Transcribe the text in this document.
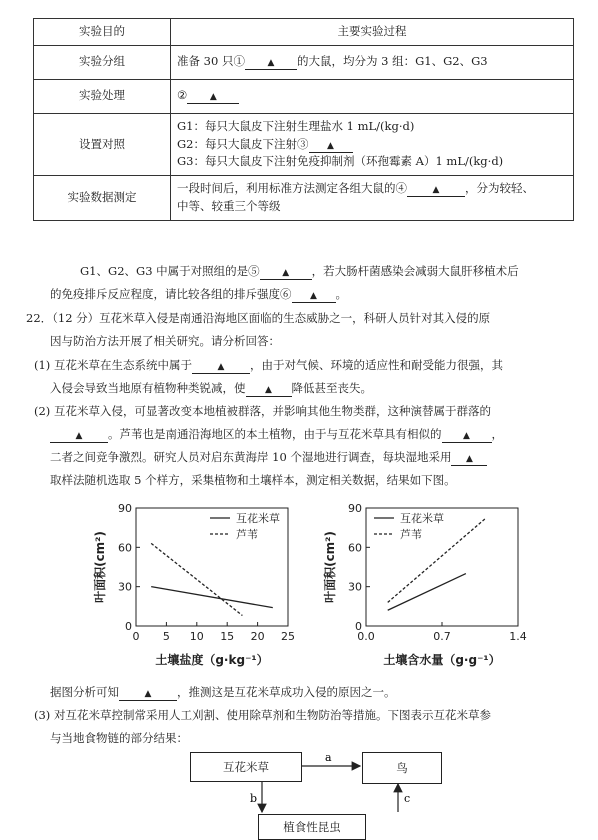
实验目的	主要实验过程
实验分组	准备 30 只① ▲ 的大鼠，均分为 3 组：G1、G2、G3
实验处理	② ▲
设置对照	G1：每只大鼠皮下注射生理盐水 1 mL/(kg·d)
G2：每只大鼠皮下注射③ ▲
G3：每只大鼠皮下注射免疫抑制剂（环孢霉素 A）1 mL/(kg·d)

实验数据测定	一段时间后，利用标准方法测定各组大鼠的④ ▲ ，分为较轻、
中等、较重三个等级
G1、G2、G3 中属于对照组的是⑤	▲ ，若大肠杆菌感染会减弱大鼠肝移植术后
的免疫排斥反应程度，请比较各组的排斥强度⑥ ▲ 。
22．（12 分）互花米草入侵是南通沿海地区面临的生态威胁之一，科研人员针对其入侵的原
因与防治方法开展了相关研究。请分析回答：
(1) 互花米草在生态系统中属于	▲ ，由于对气候、环境的适应性和耐受能力很强，其
入侵会导致当地原有植物种类锐减，使 ▲ 降低甚至丧失。
(2) 互花米草入侵，可显著改变本地植被群落，并影响其他生物类群，这种演替属于群落的
▲ 。芦苇也是南通沿海地区的本土植物，由于与互花米草具有相似的 ▲ ，
二者之间竞争激烈。研究人员对启东黄海岸 10 个湿地进行调查，每块湿地采用 ▲
取样法随机选取 5 个样方，采集植物和土壤样本，测定相关数据，结果如下图。
0
30
60
90
0 5 10 15 20 25
土壤盐度（g·kg⁻¹）
叶面积(cm²)
互花米草
芦苇
0
30
60
90
0.0	0.7	1.4
土壤含水量（g·g⁻¹）
叶面积(cm²)
互花米草
芦苇
据图分析可知	▲ ，推测这是互花米草成功入侵的原因之一。
(3) 对互花米草控制常采用人工刈割、使用除草剂和生物防治等措施。下图表示互花米草参
与当地食物链的部分结果：
a
b	c
互花米草	鸟
植食性昆虫
